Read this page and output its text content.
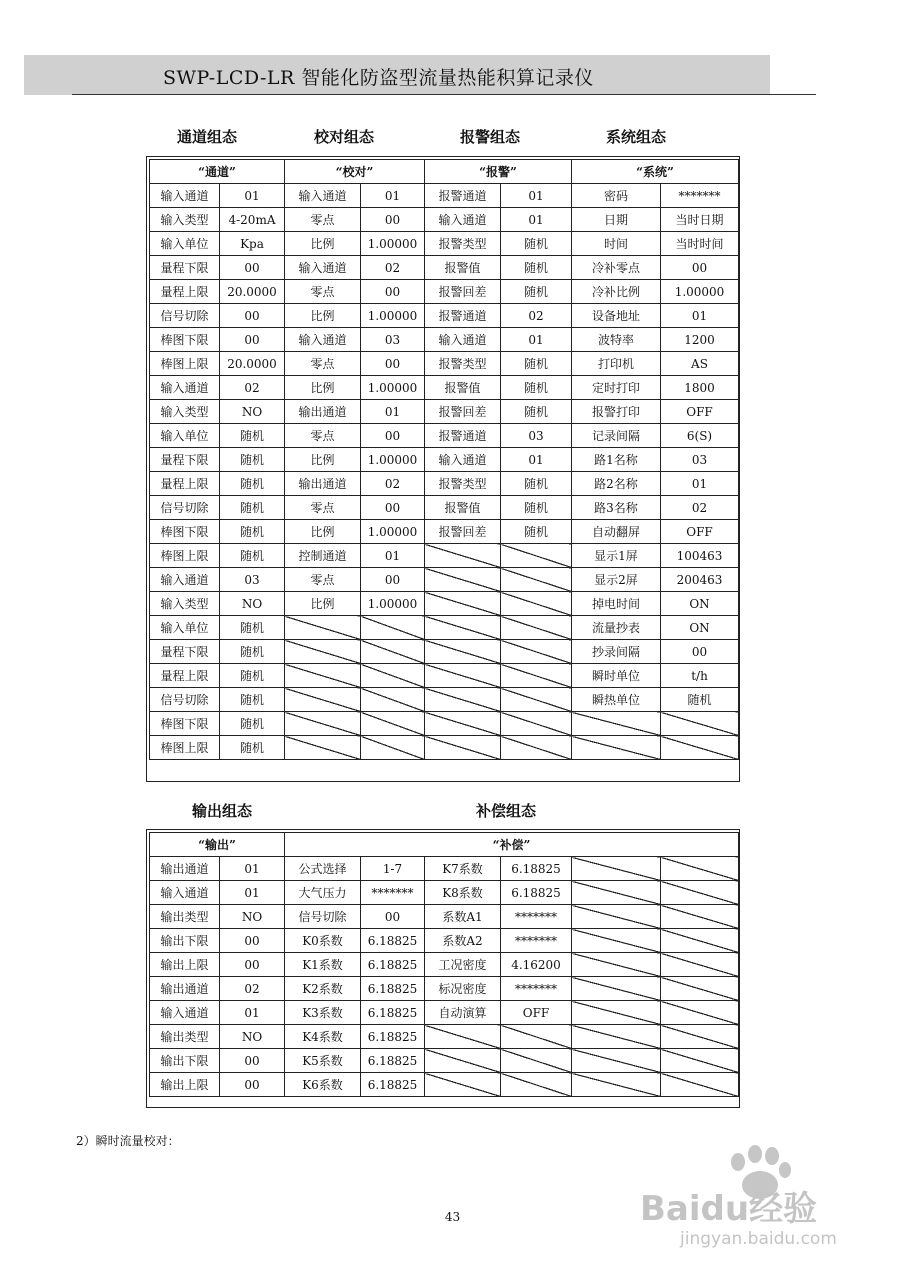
SWP-LCD-LR 智能化防盗型流量热能积算记录仪
通道组态	校对组态	报警组态	系统组态
“通道”		“校对”		“报警”		“系统”	
输入通道	01	输入通道	01	报警通道	01	密码	*******
输入类型	4-20mA	零点	00	输入通道	01	日期	当时日期
输入单位	Kpa	比例	1.00000	报警类型	随机	时间	当时时间
量程下限	00	输入通道	02	报警值	随机	冷补零点	00
量程上限	20.0000	零点	00	报警回差	随机	冷补比例	1.00000
信号切除	00	比例	1.00000	报警通道	02	设备地址	01
棒图下限	00	输入通道	03	输入通道	01	波特率	1200
棒图上限	20.0000	零点	00	报警类型	随机	打印机	AS
输入通道	02	比例	1.00000	报警值	随机	定时打印	1800
输入类型	NO	输出通道	01	报警回差	随机	报警打印	OFF
输入单位	随机	零点	00	报警通道	03	记录间隔	6(S)
量程下限	随机	比例	1.00000	输入通道	01	路1名称	03
量程上限	随机	输出通道	02	报警类型	随机	路2名称	01
信号切除	随机	零点	00	报警值	随机	路3名称	02
棒图下限	随机	比例	1.00000	报警回差	随机	自动翻屏	OFF
棒图上限	随机	控制通道	01			显示1屏	100463
输入通道	03	零点	00			显示2屏	200463
输入类型	NO	比例	1.00000			掉电时间	ON
输入单位	随机					流量抄表	ON
量程下限	随机					抄录间隔	00
量程上限	随机					瞬时单位	t/h
信号切除	随机					瞬热单位	随机
棒图下限	随机						
棒图上限	随机						
输出组态	补偿组态
“输出”		“补偿”					
输出通道	01	公式选择	1-7	K7系数	6.18825		
输入通道	01	大气压力	*******	K8系数	6.18825		
输出类型	NO	信号切除	00	系数A1	*******		
输出下限	00	K0系数	6.18825	系数A2	*******		
输出上限	00	K1系数	6.18825	工况密度	4.16200		
输出通道	02	K2系数	6.18825	标况密度	*******		
输入通道	01	K3系数	6.18825	自动演算	OFF		
输出类型	NO	K4系数	6.18825				
输出下限	00	K5系数	6.18825				
输出上限	00	K6系数	6.18825				
2）瞬时流量校对：
43	Baidu经验
jingyan.baidu.com
